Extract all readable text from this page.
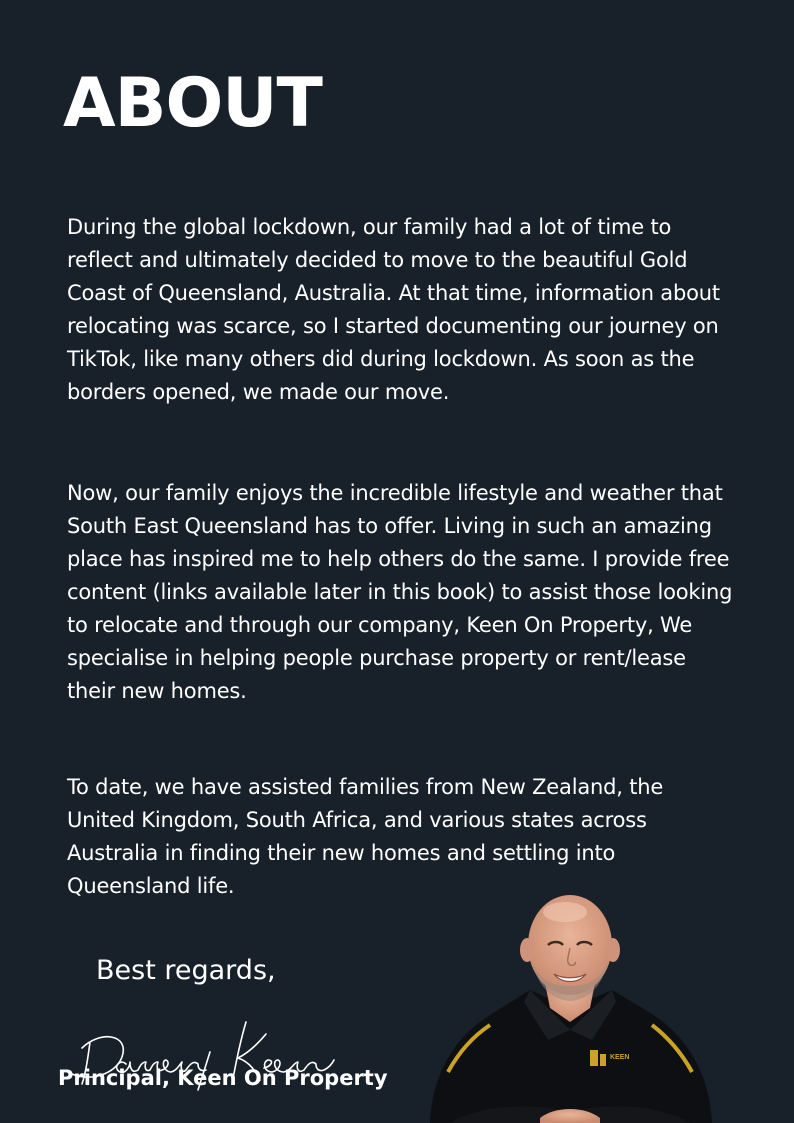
ABOUT

During the global lockdown, our family had a lot of time to reflect and ultimately decided to move to the beautiful Gold Coast of Queensland, Australia. At that time, information about relocating was scarce, so I started documenting our journey on TikTok, like many others did during lockdown. As soon as the borders opened, we made our move.

Now, our family enjoys the incredible lifestyle and weather that South East Queensland has to offer. Living in such an amazing place has inspired me to help others do the same. I provide free content (links available later in this book) to assist those looking to relocate and through our company, Keen On Property, We specialise in helping people purchase property or rent/lease their new homes.

To date, we have assisted families from New Zealand, the United Kingdom, South Africa, and various states across Australia in finding their new homes and settling into Queensland life.

Best regards,

Principal, Keen On Property

KEEN
